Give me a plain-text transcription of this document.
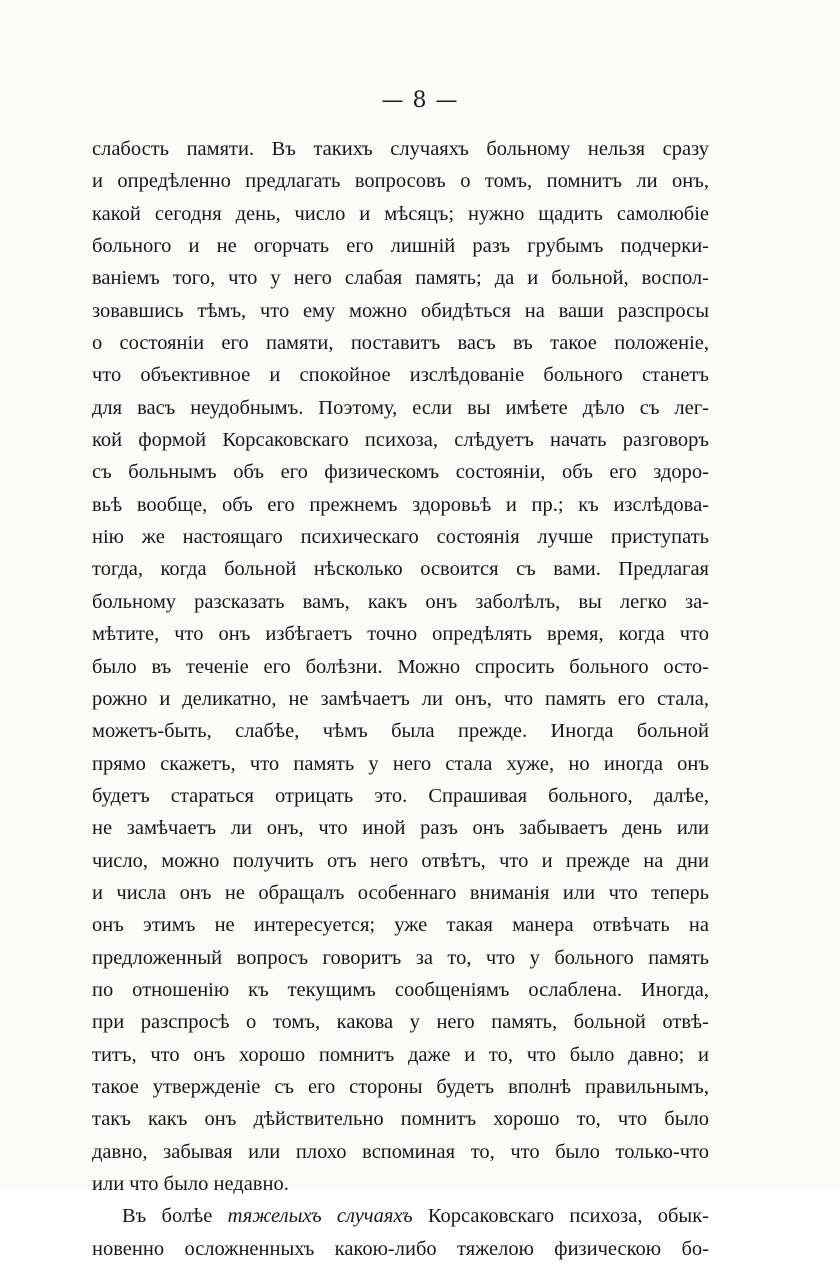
— 8 —
слабость памяти. Въ такихъ случаяхъ больному нельзя сразу
и опредѣленно предлагать вопросовъ о томъ, помнитъ ли онъ,
какой сегодня день, число и мѣсяцъ; нужно щадить самолюбіе
больного и не огорчать его лишній разъ грубымъ подчерки-
ваніемъ того, что у него слабая память; да и больной, воспол-
зовавшись тѣмъ, что ему можно обидѣться на ваши разспросы
о состояніи его памяти, поставитъ васъ въ такое положеніе,
что объективное и спокойное изслѣдованіе больного станетъ
для васъ неудобнымъ. Поэтому, если вы имѣете дѣло съ лег-
кой формой Корсаковскаго психоза, слѣдуетъ начать разговоръ
съ больнымъ объ его физическомъ состояніи, объ его здоро-
вьѣ вообще, объ его прежнемъ здоровьѣ и пр.; къ изслѣдова-
нію же настоящаго психическаго состоянія лучше приступать
тогда, когда больной нѣсколько освоится съ вами. Предлагая
больному разсказать вамъ, какъ онъ заболѣлъ, вы легко за-
мѣтите, что онъ избѣгаетъ точно опредѣлять время, когда что
было въ теченіе его болѣзни. Можно спросить больного осто-
рожно и деликатно, не замѣчаетъ ли онъ, что память его стала,
можетъ-быть, слабѣе, чѣмъ была прежде. Иногда больной
прямо скажетъ, что память у него стала хуже, но иногда онъ
будетъ стараться отрицать это. Спрашивая больного, далѣе,
не замѣчаетъ ли онъ, что иной разъ онъ забываетъ день или
число, можно получить отъ него отвѣтъ, что и прежде на дни
и числа онъ не обращалъ особеннаго вниманія или что теперь
онъ этимъ не интересуется; уже такая манера отвѣчать на
предложенный вопросъ говоритъ за то, что у больного память
по отношенію къ текущимъ сообщеніямъ ослаблена. Иногда,
при разспросѣ о томъ, какова у него память, больной отвѣ-
титъ, что онъ хорошо помнитъ даже и то, что было давно; и
такое утвержденіе съ его стороны будетъ вполнѣ правильнымъ,
такъ какъ онъ дѣйствительно помнитъ хорошо то, что было
давно, забывая или плохо вспоминая то, что было только-что
или что было недавно.
Въ болѣе тяжелыхъ случаяхъ Корсаковскаго психоза, обык-
новенно осложненныхъ какою-либо тяжелою физическою бо-
